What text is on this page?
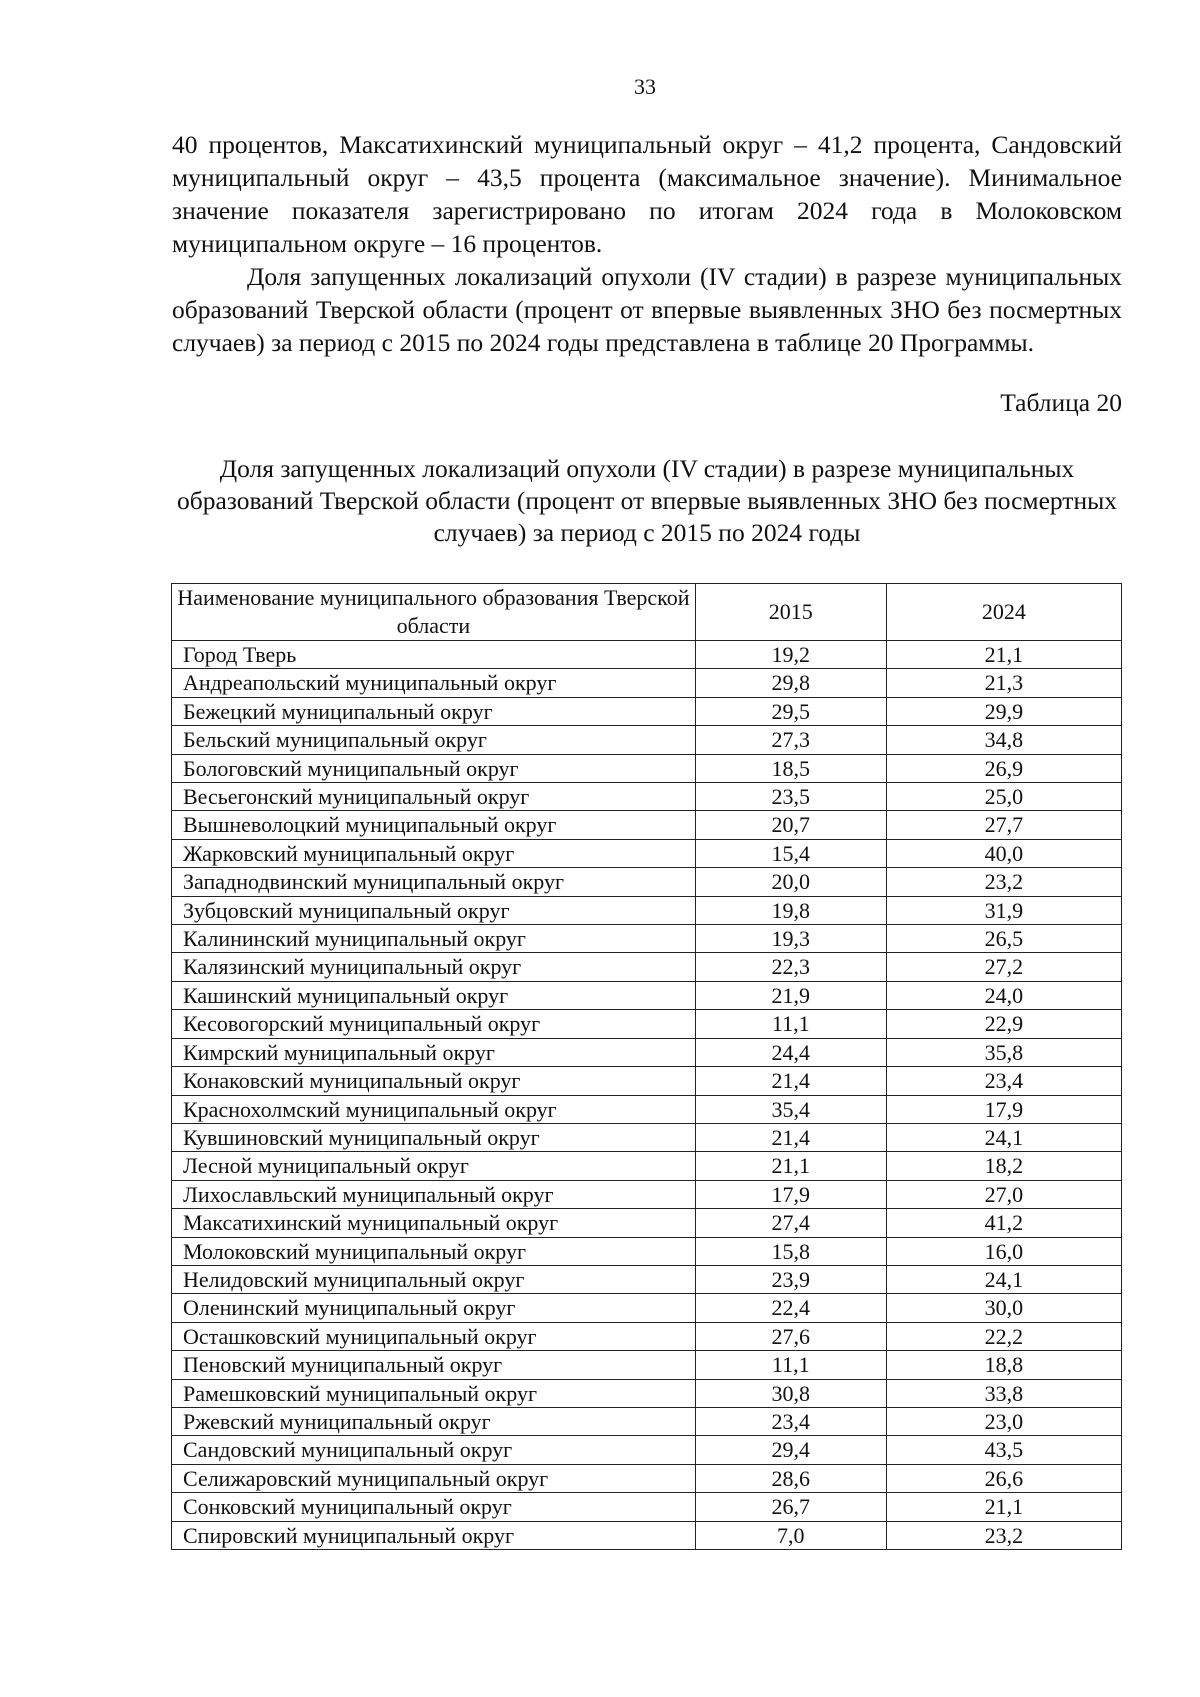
33

40 процентов, Максатихинский муниципальный округ – 41,2 процента, Сандовский муниципальный округ – 43,5 процента (максимальное значение). Минимальное значение показателя зарегистрировано по итогам 2024 года в Молоковском муниципальном округе – 16 процентов.

Доля запущенных локализаций опухоли (IV стадии) в разрезе муниципальных образований Тверской области (процент от впервые выявленных ЗНО без посмертных случаев) за период с 2015 по 2024 годы представлена в таблице 20 Программы.

Таблица 20
Доля запущенных локализаций опухоли (IV стадии) в разрезе муниципальных образований Тверской области (процент от впервые выявленных ЗНО без посмертных случаев) за период с 2015 по 2024 годы
Наименование муниципального образования Тверской области	2015	2024
Город Тверь	19,2	21,1
Андреапольский муниципальный округ	29,8	21,3
Бежецкий муниципальный округ	29,5	29,9
Бельский муниципальный округ	27,3	34,8
Бологовский муниципальный округ	18,5	26,9
Весьегонский муниципальный округ	23,5	25,0
Вышневолоцкий муниципальный округ	20,7	27,7
Жарковский муниципальный округ	15,4	40,0
Западнодвинский муниципальный округ	20,0	23,2
Зубцовский муниципальный округ	19,8	31,9
Калининский муниципальный округ	19,3	26,5
Калязинский муниципальный округ	22,3	27,2
Кашинский муниципальный округ	21,9	24,0
Кесовогорский муниципальный округ	11,1	22,9
Кимрский муниципальный округ	24,4	35,8
Конаковский муниципальный округ	21,4	23,4
Краснохолмский муниципальный округ	35,4	17,9
Кувшиновский муниципальный округ	21,4	24,1
Лесной муниципальный округ	21,1	18,2
Лихославльский муниципальный округ	17,9	27,0
Максатихинский муниципальный округ	27,4	41,2
Молоковский муниципальный округ	15,8	16,0
Нелидовский муниципальный округ	23,9	24,1
Оленинский муниципальный округ	22,4	30,0
Осташковский муниципальный округ	27,6	22,2
Пеновский муниципальный округ	11,1	18,8
Рамешковский муниципальный округ	30,8	33,8
Ржевский муниципальный округ	23,4	23,0
Сандовский муниципальный округ	29,4	43,5
Селижаровский муниципальный округ	28,6	26,6
Сонковский муниципальный округ	26,7	21,1
Спировский муниципальный округ	7,0	23,2
